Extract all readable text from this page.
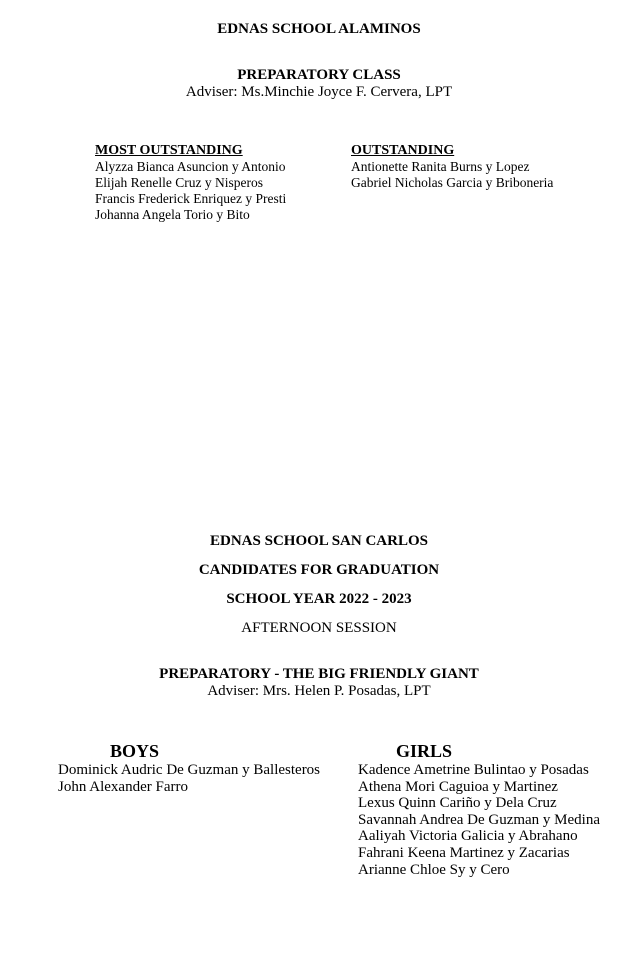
EDNAS SCHOOL ALAMINOS
PREPARATORY CLASS
Adviser: Ms.Minchie Joyce F. Cervera, LPT
MOST OUTSTANDING
Alyzza Bianca Asuncion y Antonio
Elijah Renelle Cruz y Nisperos
Francis Frederick Enriquez y Presti
Johanna Angela Torio y Bito
OUTSTANDING
Antionette Ranita Burns y Lopez
Gabriel Nicholas Garcia y Briboneria
EDNAS SCHOOL SAN CARLOS
CANDIDATES FOR GRADUATION
SCHOOL YEAR 2022 - 2023
AFTERNOON SESSION
PREPARATORY - THE BIG FRIENDLY GIANT
Adviser: Mrs. Helen P. Posadas, LPT
BOYS
Dominick Audric De Guzman y Ballesteros
John Alexander Farro
GIRLS
Kadence Ametrine Bulintao y Posadas
Athena Mori Caguioa y Martinez
Lexus Quinn Cariño y Dela Cruz
Savannah Andrea De Guzman y Medina
Aaliyah Victoria Galicia y Abrahano
Fahrani Keena Martinez y Zacarias
Arianne Chloe Sy y Cero
